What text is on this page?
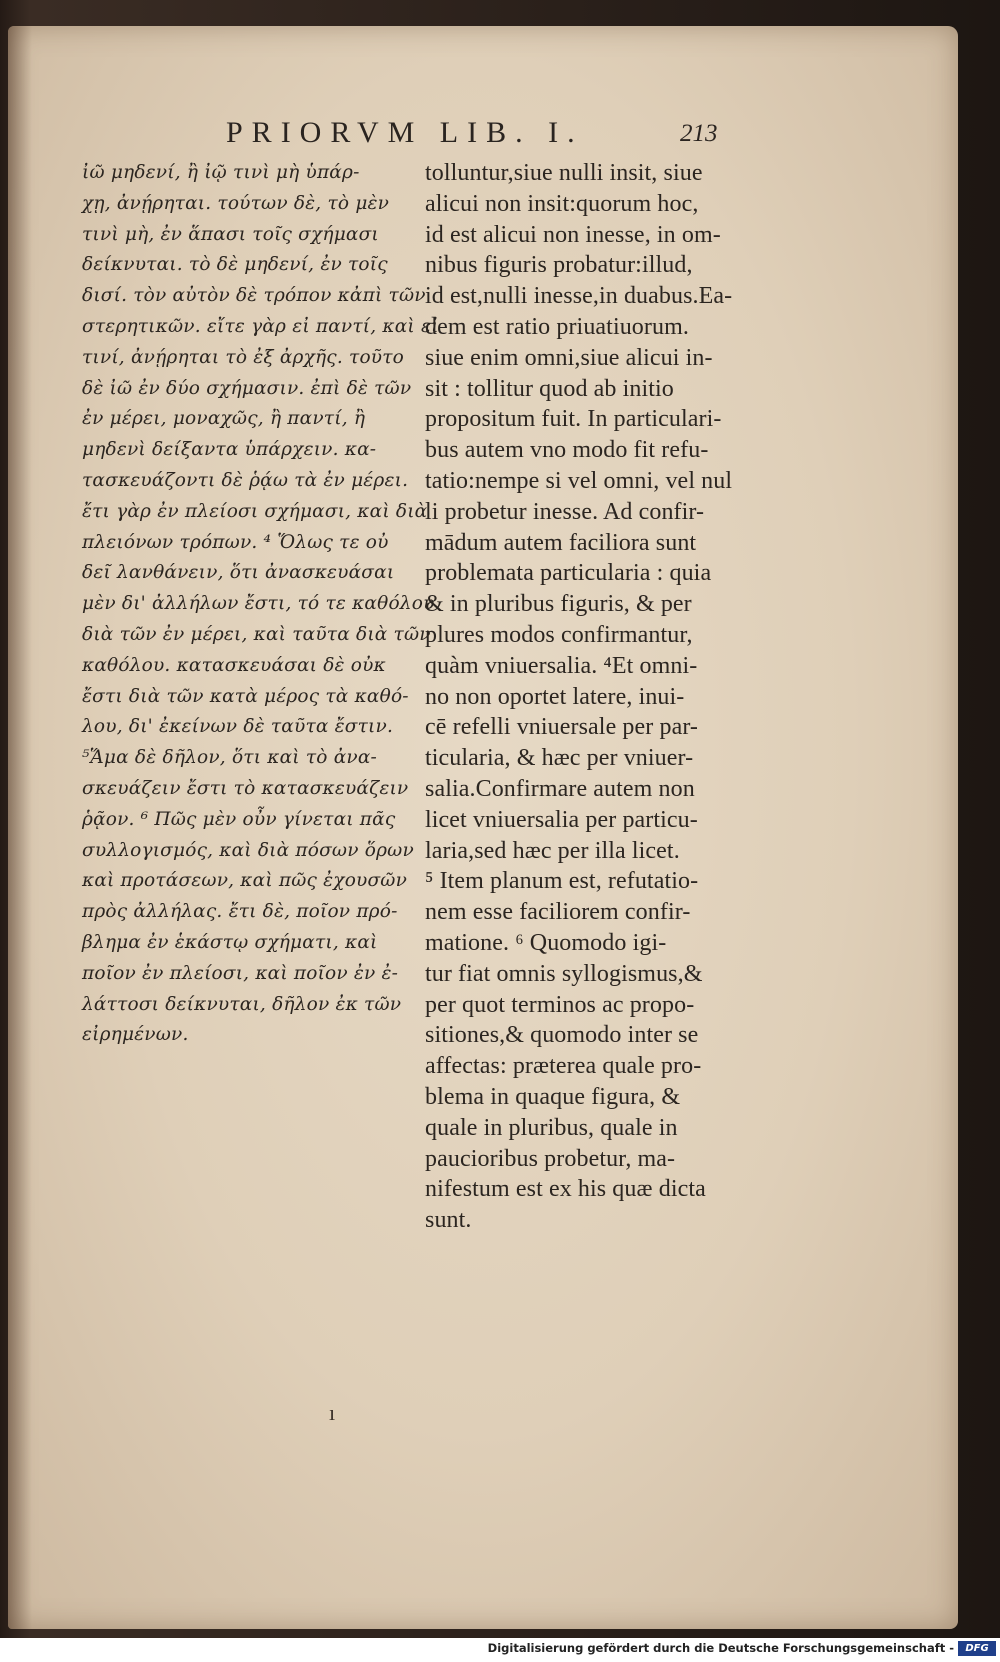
PRIORVM LIB. I.	213
ἰῶ μηδενί, ἢ ἰῷ τινὶ μὴ ὑπάρ-
χῃ, ἀνῄρηται. τούτων δὲ, τὸ μὲν
τινὶ μὴ, ἐν ἅπασι τοῖς σχήμασι
δείκνυται. τὸ δὲ μηδενί, ἐν τοῖς
δισί. τὸν αὐτὸν δὲ τρόπον κἀπὶ τῶν
στερητικῶν. εἴτε γὰρ εἰ παντί, καὶ εἰ
τινί, ἀνῄρηται τὸ ἐξ ἀρχῆς. τοῦτο
δὲ ἰῶ ἐν δύο σχήμασιν. ἐπὶ δὲ τῶν
ἐν μέρει, μοναχῶς, ἢ παντί, ἢ
μηδενὶ δείξαντα ὑπάρχειν. κα-
τασκευάζοντι δὲ ῥᾴω τὰ ἐν μέρει.
ἔτι γὰρ ἐν πλείοσι σχήμασι, καὶ διὰ
πλειόνων τρόπων. ⁴ Ὅλως τε οὐ
δεῖ λανθάνειν, ὅτι ἀνασκευάσαι
μὲν δι' ἀλλήλων ἔστι, τό τε καθόλου
διὰ τῶν ἐν μέρει, καὶ ταῦτα διὰ τῶν
καθόλου. κατασκευάσαι δὲ οὐκ
ἔστι διὰ τῶν κατὰ μέρος τὰ καθό-
λου, δι' ἐκείνων δὲ ταῦτα ἔστιν.
⁵Ἅμα δὲ δῆλον, ὅτι καὶ τὸ ἀνα-
σκευάζειν ἔστι τὸ κατασκευάζειν
ῥᾷον. ⁶ Πῶς μὲν οὖν γίνεται πᾶς
συλλογισμός, καὶ διὰ πόσων ὅρων
καὶ προτάσεων, καὶ πῶς ἐχουσῶν
πρὸς ἀλλήλας. ἔτι δὲ, ποῖον πρό-
βλημα ἐν ἑκάστῳ σχήματι, καὶ
ποῖον ἐν πλείοσι, καὶ ποῖον ἐν ἐ-
λάττοσι δείκνυται, δῆλον ἐκ τῶν
εἰρημένων.
tolluntur,siue nulli insit, siue
alicui non insit:quorum hoc,
id est alicui non inesse, in om-
nibus figuris probatur:illud,
id est,nulli inesse,in duabus.Ea-
dem est ratio priuatiuorum.
siue enim omni,siue alicui in-
sit : tollitur quod ab initio
propositum fuit. In particulari-
bus autem vno modo fit refu-
tatio:nempe si vel omni, vel nul
li probetur inesse. Ad confir-
mādum autem faciliora sunt
problemata particularia : quia
& in pluribus figuris, & per
plures modos confirmantur,
quàm vniuersalia. ⁴Et omni-
no non oportet latere, inui-
cē refelli vniuersale per par-
ticularia, & hæc per vniuer-
salia.Confirmare autem non
licet vniuersalia per particu-
laria,sed hæc per illa licet.
⁵ Item planum est, refutatio-
nem esse faciliorem confir-
matione. ⁶ Quomodo igi-
tur fiat omnis syllogismus,&
per quot terminos ac propo-
sitiones,& quomodo inter se
affectas: præterea quale pro-
blema in quaque figura, &
quale in pluribus, quale in
paucioribus probetur, ma-
nifestum est ex his quæ dicta
sunt.
ı
Digitalisierung gefördert durch die Deutsche Forschungsgemeinschaft -	DFG
